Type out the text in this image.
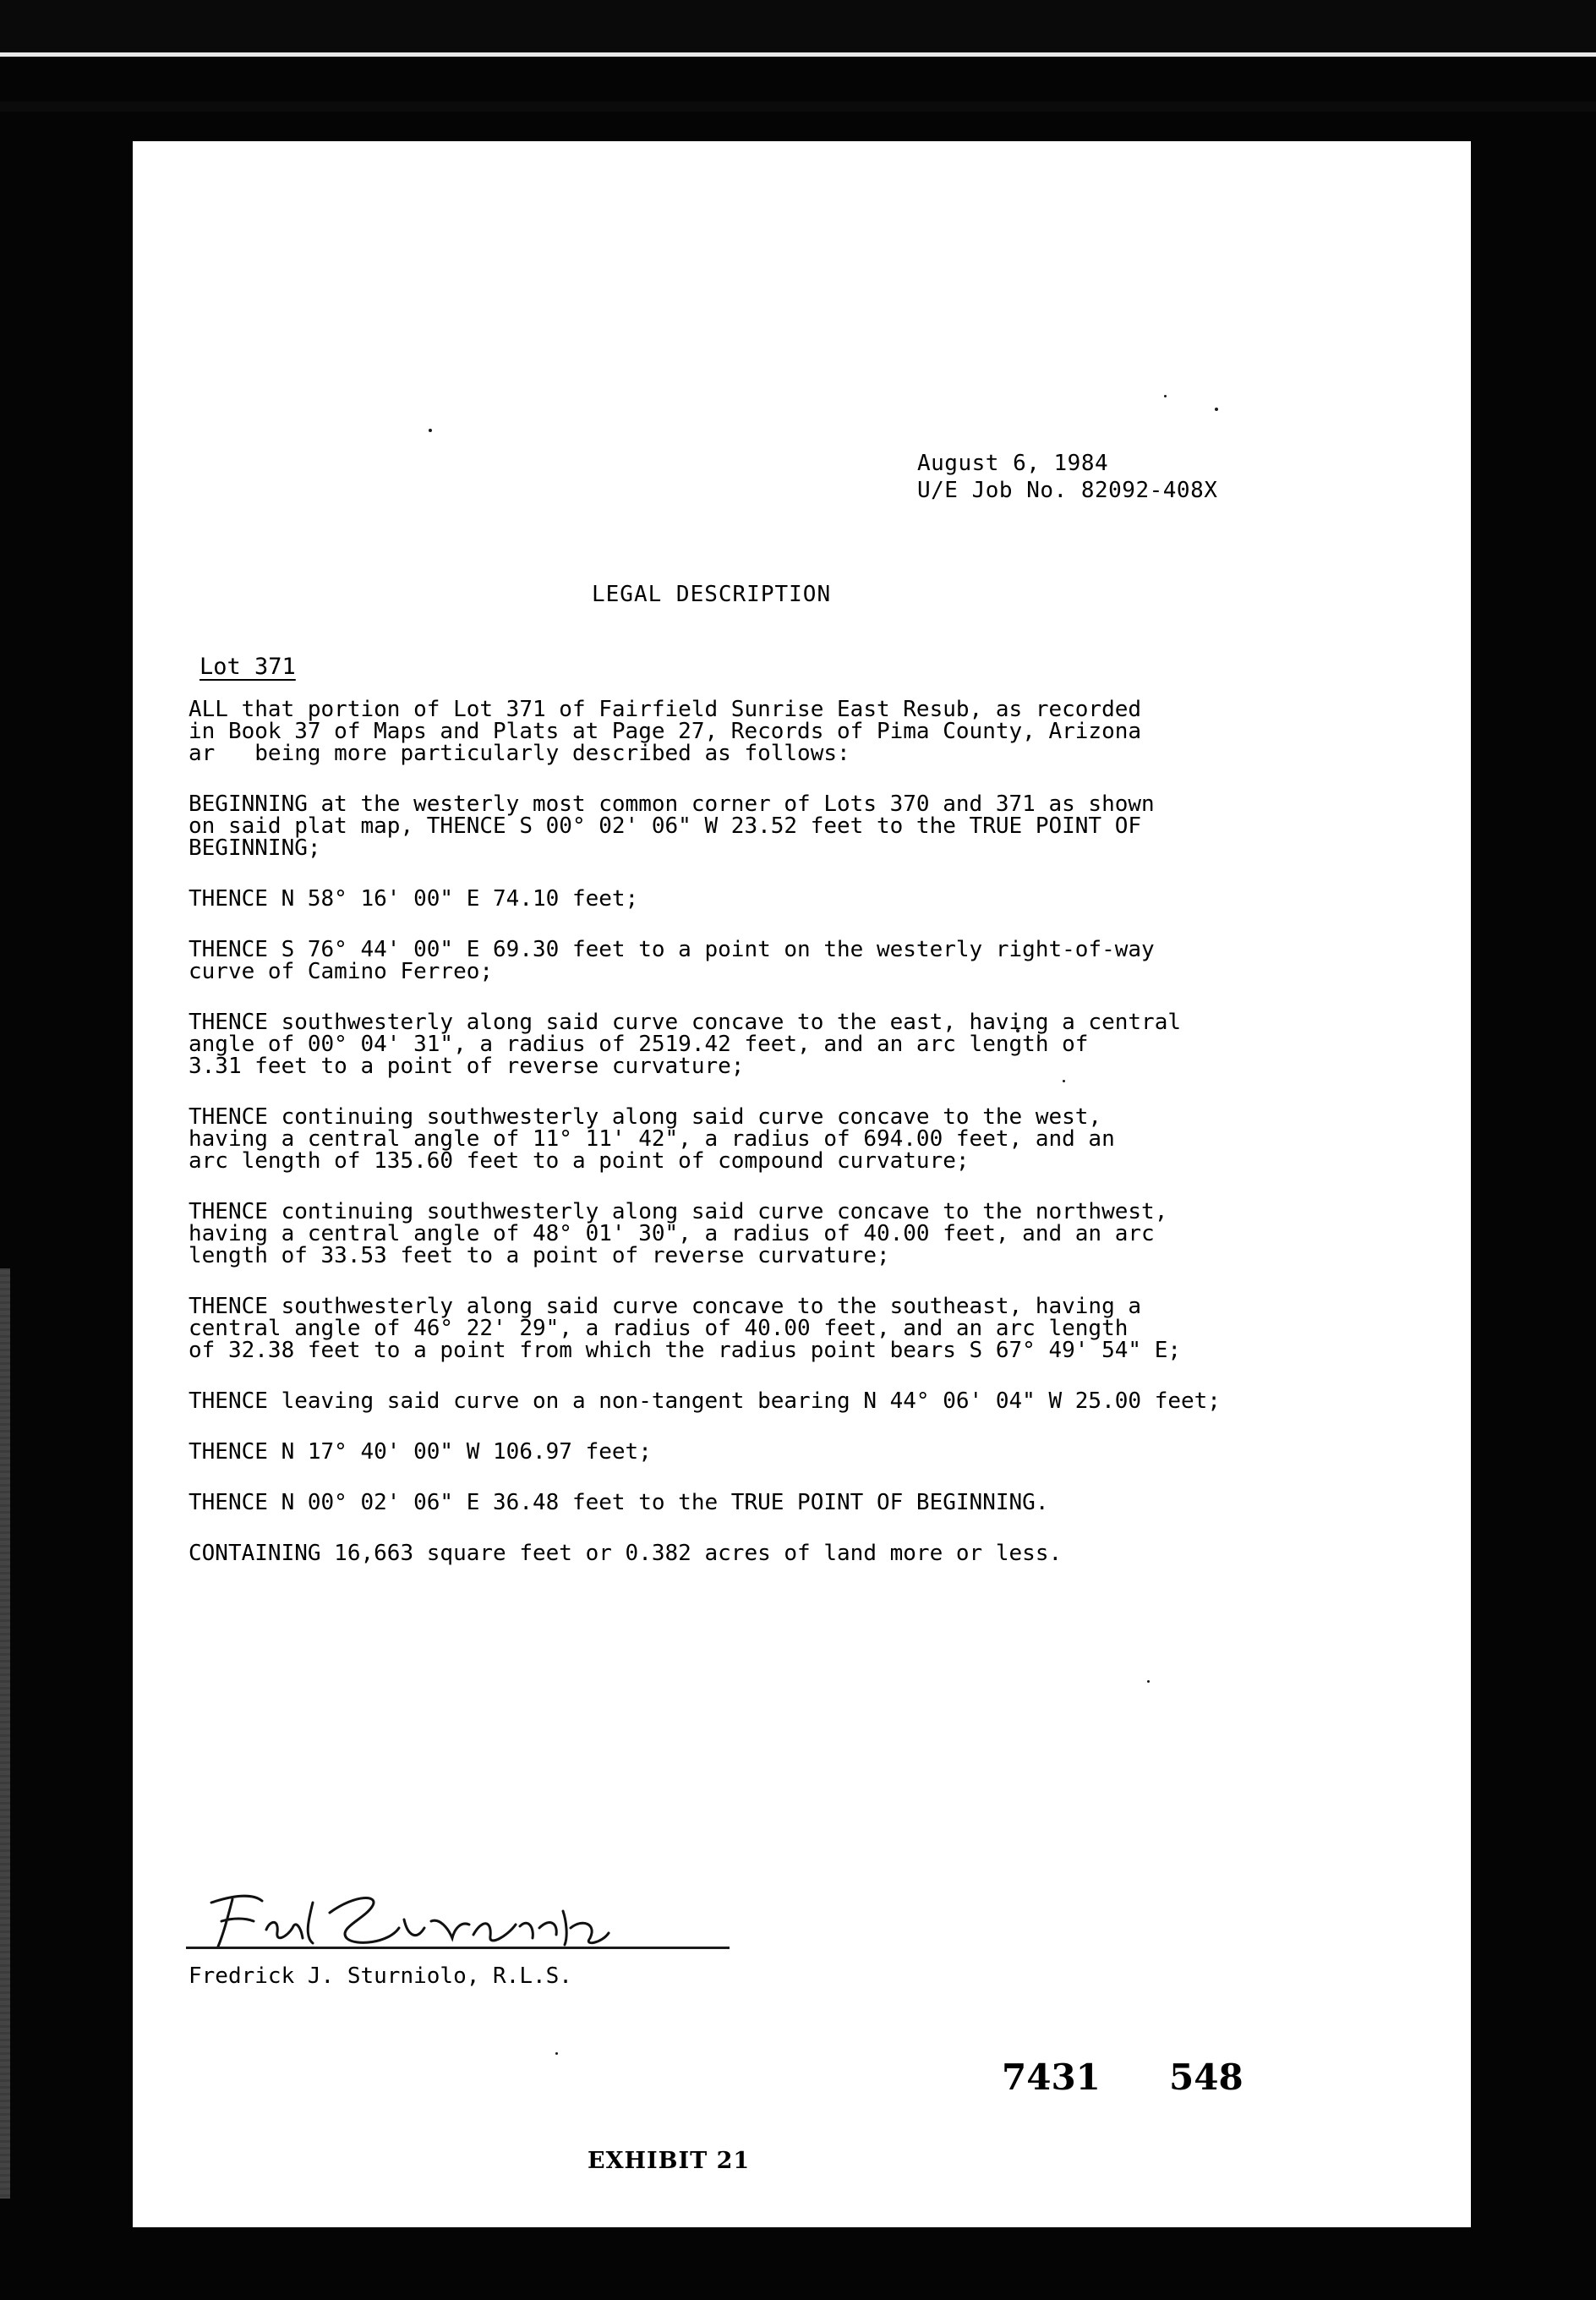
August 6, 1984
U/E Job No. 82092-408X
LEGAL DESCRIPTION
Lot 371

ALL that portion of Lot 371 of Fairfield Sunrise East Resub, as recorded
in Book 37 of Maps and Plats at Page 27, Records of Pima County, Arizona
ar   being more particularly described as follows:

BEGINNING at the westerly most common corner of Lots 370 and 371 as shown
on said plat map, THENCE S 00° 02' 06" W 23.52 feet to the TRUE POINT OF
BEGINNING;

THENCE N 58° 16' 00" E 74.10 feet;

THENCE S 76° 44' 00" E 69.30 feet to a point on the westerly right-of-way
curve of Camino Ferreo;

THENCE southwesterly along said curve concave to the east, having a central
angle of 00° 04' 31", a radius of 2519.42 feet, and an arc length of
3.31 feet to a point of reverse curvature;

THENCE continuing southwesterly along said curve concave to the west,
having a central angle of 11° 11' 42", a radius of 694.00 feet, and an
arc length of 135.60 feet to a point of compound curvature;

THENCE continuing southwesterly along said curve concave to the northwest,
having a central angle of 48° 01' 30", a radius of 40.00 feet, and an arc
length of 33.53 feet to a point of reverse curvature;

THENCE southwesterly along said curve concave to the southeast, having a
central angle of 46° 22' 29", a radius of 40.00 feet, and an arc length
of 32.38 feet to a point from which the radius point bears S 67° 49' 54" E;

THENCE leaving said curve on a non-tangent bearing N 44° 06' 04" W 25.00 feet;

THENCE N 17° 40' 00" W 106.97 feet;

THENCE N 00° 02' 06" E 36.48 feet to the TRUE POINT OF BEGINNING.

CONTAINING 16,663 square feet or 0.382 acres of land more or less.

Fredrick J. Sturniolo, R.L.S.
7431 548
EXHIBIT 21
